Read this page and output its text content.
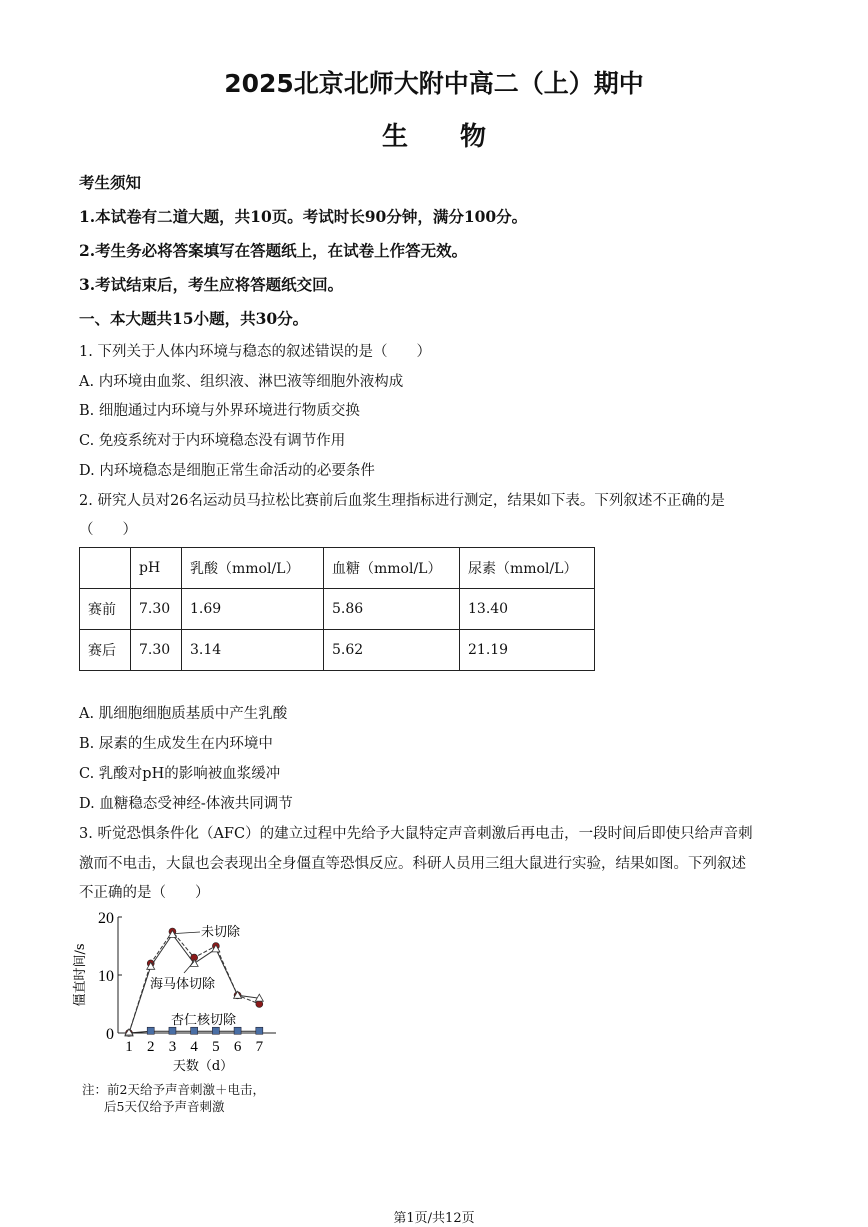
2025北京北师大附中高二（上）期中
生　　物
考生须知
1.本试卷有二道大题，共10页。考试时长90分钟，满分100分。
2.考生务必将答案填写在答题纸上，在试卷上作答无效。
3.考试结束后，考生应将答题纸交回。
一、本大题共15小题，共30分。
1. 下列关于人体内环境与稳态的叙述错误的是（　　）
A. 内环境由血浆、组织液、淋巴液等细胞外液构成
B. 细胞通过内环境与外界环境进行物质交换
C. 免疫系统对于内环境稳态没有调节作用
D. 内环境稳态是细胞正常生命活动的必要条件
2. 研究人员对26名运动员马拉松比赛前后血浆生理指标进行测定，结果如下表。下列叙述不正确的是
（　　）
	pH	乳酸（mmol/L）	血糖（mmol/L）	尿素（mmol/L）
赛前	7.30	1.69	5.86	13.40
赛后	7.30	3.14	5.62	21.19
A. 肌细胞细胞质基质中产生乳酸
B. 尿素的生成发生在内环境中
C. 乳酸对pH的影响被血浆缓冲
D. 血糖稳态受神经-体液共同调节
3. 听觉恐惧条件化（AFC）的建立过程中先给予大鼠特定声音刺激后再电击，一段时间后即使只给声音刺
激而不电击，大鼠也会表现出全身僵直等恐惧反应。科研人员用三组大鼠进行实验，结果如图。下列叙述
不正确的是（　　）
0
10
20
1 2 3 4 5 6 7
天数（d）
僵直时间/s
未切除
海马体切除
杏仁核切除
注：前2天给予声音刺激＋电击，
后5天仅给予声音刺激
第1页/共12页
